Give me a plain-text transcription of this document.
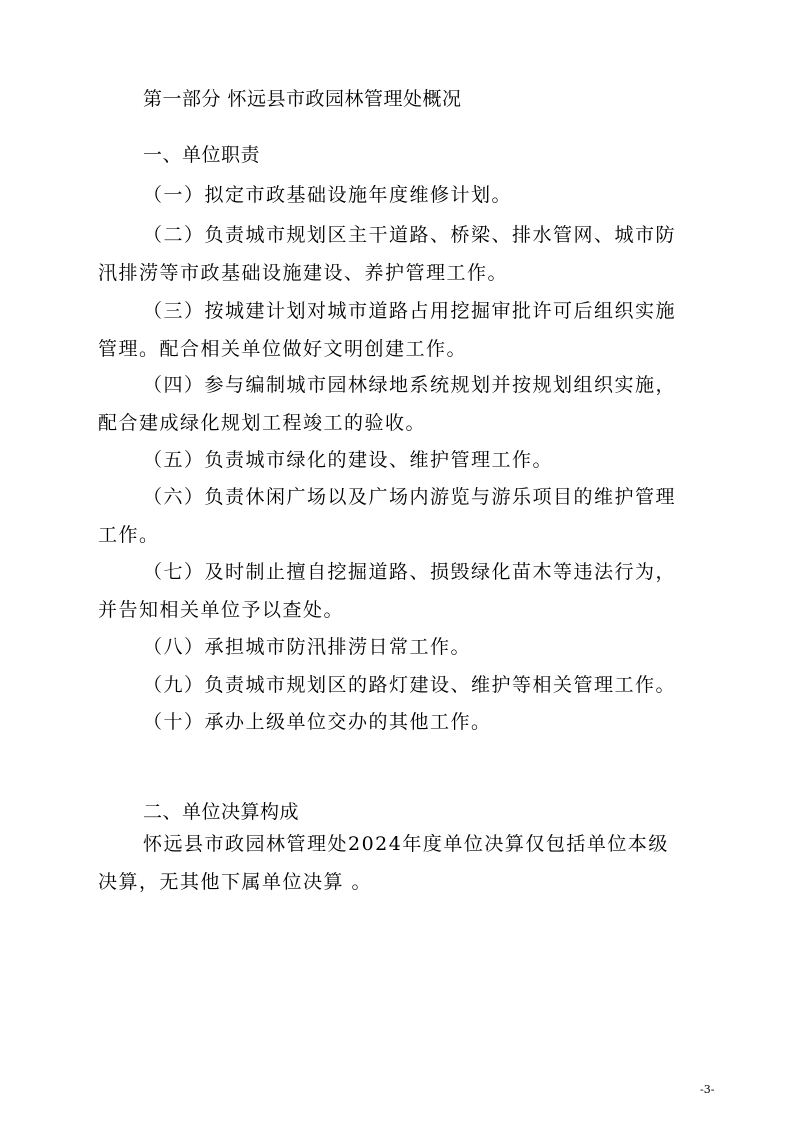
第一部分 怀远县市政园林管理处概况
一、单位职责
（一）拟定市政基础设施年度维修计划。
（二）负责城市规划区主干道路、桥梁、排水管网、城市防
汛排涝等市政基础设施建设、养护管理工作。
（三）按城建计划对城市道路占用挖掘审批许可后组织实施
管理。配合相关单位做好文明创建工作。
（四）参与编制城市园林绿地系统规划并按规划组织实施，
配合建成绿化规划工程竣工的验收。
（五）负责城市绿化的建设、维护管理工作。
（六）负责休闲广场以及广场内游览与游乐项目的维护管理
工作。
（七）及时制止擅自挖掘道路、损毁绿化苗木等违法行为，
并告知相关单位予以查处。
（八）承担城市防汛排涝日常工作。
（九）负责城市规划区的路灯建设、维护等相关管理工作。
（十）承办上级单位交办的其他工作。
二、单位决算构成
怀远县市政园林管理处2024年度单位决算仅包括单位本级
决算，无其他下属单位决算 。
-3-
